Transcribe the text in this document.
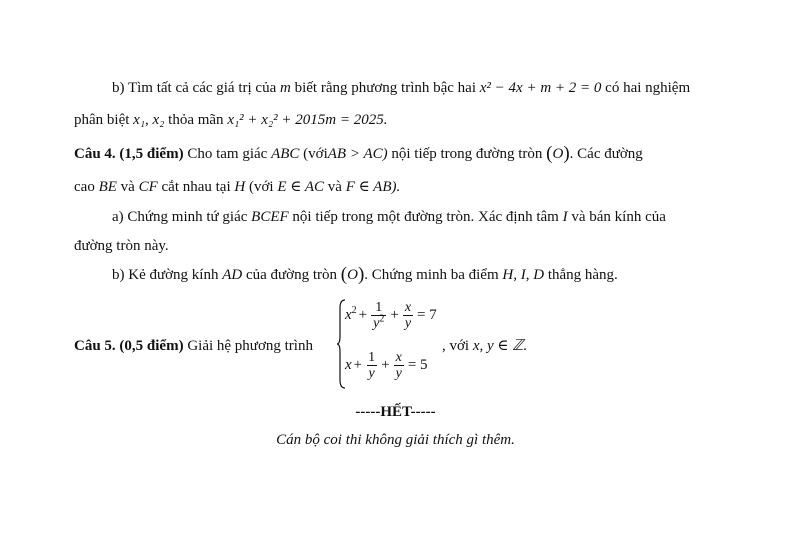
b) Tìm tất cả các giá trị của m biết rằng phương trình bậc hai x² − 4x + m + 2 = 0 có hai nghiệm
phân biệt x₁, x₂ thỏa mãn x₁² + x₂² + 2015m = 2025.
Câu 4. (1,5 điểm) Cho tam giác ABC (vớiAB > AC) nội tiếp trong đường tròn (O). Các đường
cao BE và CF cắt nhau tại H (với E ∈ AC và F ∈ AB).
a) Chứng minh tứ giác BCEF nội tiếp trong một đường tròn. Xác định tâm I và bán kính của
đường tròn này.
b) Kẻ đường kính AD của đường tròn (O). Chứng minh ba điểm H, I, D thẳng hàng.
Câu 5. (0,5 điểm) Giải hệ phương trình
$x^2 + \frac{1}{y^2} + \frac{x}{y} = 7$
$x + \frac{1}{y} + \frac{x}{y} = 5$
, với x, y ∈ ℤ.
-----HẾT-----
Cán bộ coi thi không giải thích gì thêm.
